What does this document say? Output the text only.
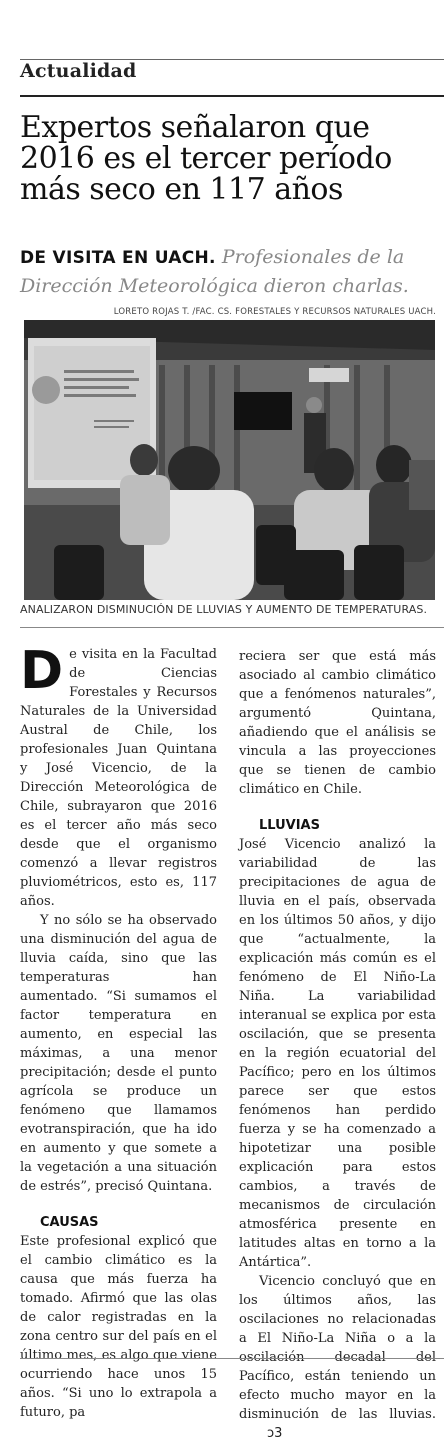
Actualidad
Expertos señalaron que 2016 es el tercer período más seco en 117 años
DE VISITA EN UACH. Profesionales de la Dirección Meteorológica dieron charlas.
LORETO ROJAS T. /FAC. CS. FORESTALES Y RECURSOS NATURALES UACH.
ANALIZARON DISMINUCIÓN DE LLUVIAS Y AUMENTO DE TEMPERATURAS.

De visita en la Facultad de Ciencias Forestales y Recursos Naturales de la Universidad Austral de Chile, los profesionales Juan Quintana y José Vicencio, de la Dirección Meteorológica de Chile, subrayaron que 2016 es el tercer año más seco desde que el organismo comenzó a llevar registros pluviométricos, esto es, 117 años.

Y no sólo se ha observado una disminución del agua de lluvia caída, sino que las temperaturas han aumentado. “Si sumamos el factor temperatura en aumento, en especial las máximas, a una menor precipitación; desde el punto agrícola se produce un fenómeno que llamamos evotranspiración, que ha ido en aumento y que somete a la vegetación a una situación de estrés”, precisó Quintana.

CAUSAS

Este profesional explicó que el cambio climático es la causa que más fuerza ha tomado. Afirmó que las olas de calor registradas en la zona centro sur del país en el último mes, es algo que viene ocurriendo hace unos 15 años. “Si uno lo extrapola a futuro, pa

reciera ser que está más asociado al cambio climático que a fenómenos naturales”, argumentó Quintana, añadiendo que el análisis se vincula a las proyecciones que se tienen de cambio climático en Chile.

LLUVIAS

José Vicencio analizó la variabilidad de las precipitaciones de agua de lluvia en el país, observada en los últimos 50 años, y dijo que “actualmente, la explicación más común es el fenómeno de El Niño-La Niña. La variabilidad interanual se explica por esta oscilación, que se presenta en la región ecuatorial del Pacífico; pero en los últimos parece ser que estos fenómenos han perdido fuerza y se ha comenzado a hipotetizar una posible explicación para estos cambios, a través de mecanismos de circulación atmosférica presente en latitudes altas en torno a la Antártica”.

Vicencio concluyó que en los últimos años, las oscilaciones no relacionadas a El Niño-La Niña o a la oscilación decadal del Pacífico, están teniendo un efecto mucho mayor en la disminución de las lluvias.ↄ3
